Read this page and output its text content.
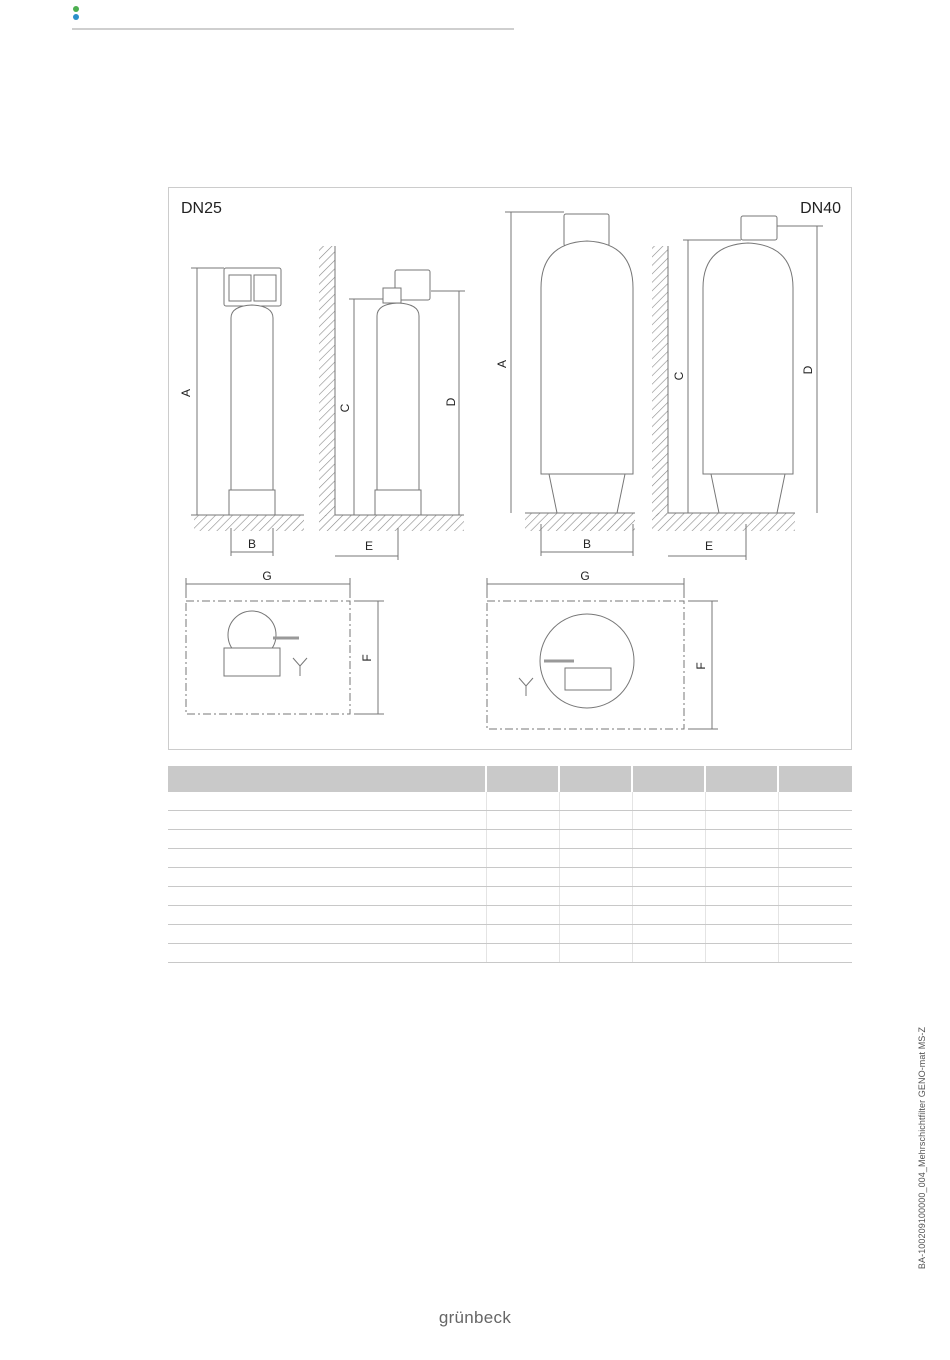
A
B
C
D
E
G
F
A
B
C
D
E
G
F
DN25	DN40

BA-100209100000_004_Mehrschichtfilter GENO-mat MS-Z
grünbeck
